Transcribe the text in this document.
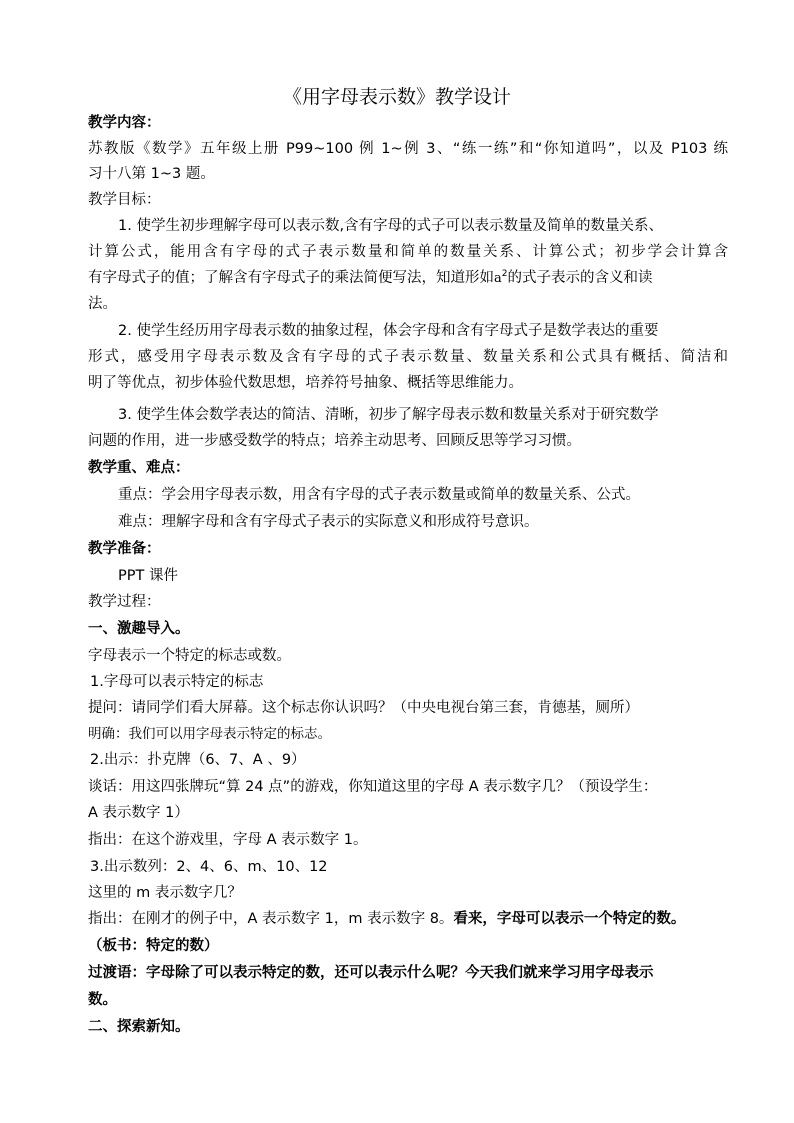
《用字母表示数》教学设计
教学内容：
苏教版《数学》五年级上册 P99~100 例 1~例 3、“练一练”和“你知道吗”，以及 P103 练
习十八第 1~3 题。
教学目标：
1. 使学生初步理解字母可以表示数,含有字母的式子可以表示数量及简单的数量关系、
计算公式，能用含有字母的式子表示数量和简单的数量关系、计算公式；初步学会计算含
有字母式子的值；了解含有字母式子的乘法简便写法，知道形如$a^2$的式子表示的含义和读
法。
2. 使学生经历用字母表示数的抽象过程，体会字母和含有字母式子是数学表达的重要
形式，感受用字母表示数及含有字母的式子表示数量、数量关系和公式具有概括、简洁和
明了等优点，初步体验代数思想，培养符号抽象、概括等思维能力。
3. 使学生体会数学表达的简洁、清晰，初步了解字母表示数和数量关系对于研究数学
问题的作用，进一步感受数学的特点；培养主动思考、回顾反思等学习习惯。
教学重、难点：
重点：学会用字母表示数，用含有字母的式子表示数量或简单的数量关系、公式。
难点：理解字母和含有字母式子表示的实际意义和形成符号意识。
教学准备：
PPT 课件
教学过程：
一、激趣导入。
字母表示一个特定的标志或数。
1.字母可以表示特定的标志
提问：请同学们看大屏幕。这个标志你认识吗？（中央电视台第三套，肯德基，厕所）
明确：我们可以用字母表示特定的标志。
2.出示：扑克牌（6、7、A 、9）
谈话：用这四张牌玩“算 24 点”的游戏，你知道这里的字母 A 表示数字几？（预设学生：
A 表示数字 1）
指出：在这个游戏里，字母 A 表示数字 1。
3.出示数列：2、4、6、m、10、12
这里的 m 表示数字几？
指出：在刚才的例子中，A 表示数字 1，m 表示数字 8。看来，字母可以表示一个特定的数。
（板书：特定的数）
过渡语：字母除了可以表示特定的数，还可以表示什么呢？今天我们就来学习用字母表示
数。
二、探索新知。
